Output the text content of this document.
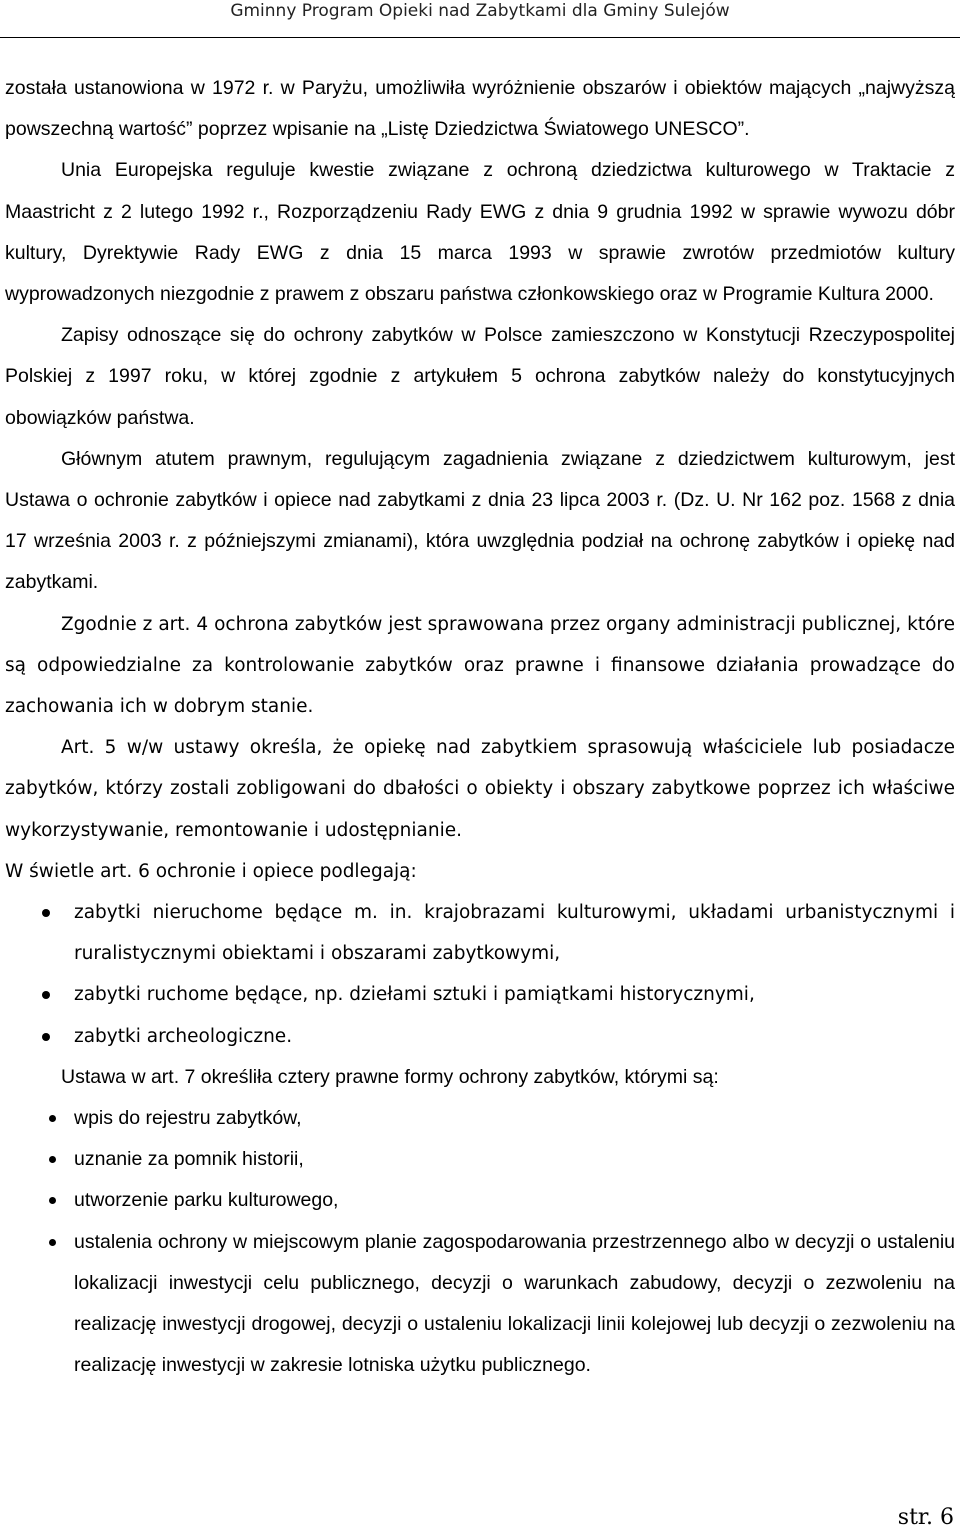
Gminny Program Opieki nad Zabytkami dla Gminy Sulejów

została ustanowiona w 1972 r. w Paryżu, umożliwiła wyróżnienie obszarów i obiektów mających „najwyższą powszechną wartość” poprzez wpisanie na „Listę Dziedzictwa Światowego UNESCO”.

Unia Europejska reguluje kwestie związane z ochroną dziedzictwa kulturowego w Traktacie z Maastricht z 2 lutego 1992 r., Rozporządzeniu Rady EWG z dnia 9 grudnia 1992 w sprawie wywozu dóbr kultury, Dyrektywie Rady EWG z dnia 15 marca 1993 w sprawie zwrotów przedmiotów kultury wyprowadzonych niezgodnie z prawem z obszaru państwa członkowskiego oraz w Programie Kultura 2000.

Zapisy odnoszące się do ochrony zabytków w Polsce zamieszczono w Konstytucji Rzeczypospolitej Polskiej z 1997 roku, w której zgodnie z artykułem 5 ochrona zabytków należy do konstytucyjnych obowiązków państwa.

Głównym atutem prawnym, regulującym zagadnienia związane z dziedzictwem kulturowym, jest Ustawa o ochronie zabytków i opiece nad zabytkami z dnia 23 lipca 2003 r. (Dz. U. Nr 162 poz. 1568 z dnia 17 września 2003 r. z późniejszymi zmianami), która uwzględnia podział na ochronę zabytków i opiekę nad zabytkami.

Zgodnie z art. 4 ochrona zabytków jest sprawowana przez organy administracji publicznej, które są odpowiedzialne za kontrolowanie zabytków oraz prawne i finansowe działania prowadzące do zachowania ich w dobrym stanie.

Art. 5 w/w ustawy określa, że opiekę nad zabytkiem sprasowują właściciele lub posiadacze zabytków, którzy zostali zobligowani do dbałości o obiekty i obszary zabytkowe poprzez ich właściwe wykorzystywanie, remontowanie i udostępnianie.

W świetle art. 6 ochronie i opiece podlegają:

zabytki nieruchome będące m. in. krajobrazami kulturowymi, układami urbanistycznymi i ruralistycznymi obiektami i obszarami zabytkowymi,
zabytki ruchome będące, np. dziełami sztuki i pamiątkami historycznymi,
zabytki archeologiczne.

Ustawa w art. 7 określiła cztery prawne formy ochrony zabytków, którymi są:

wpis do rejestru zabytków,
uznanie za pomnik historii,
utworzenie parku kulturowego,
ustalenia ochrony w miejscowym planie zagospodarowania przestrzennego albo w decyzji o ustaleniu lokalizacji inwestycji celu publicznego, decyzji o warunkach zabudowy, decyzji o zezwoleniu na realizację inwestycji drogowej, decyzji o ustaleniu lokalizacji linii kolejowej lub decyzji o zezwoleniu na realizację inwestycji w zakresie lotniska użytku publicznego.
str. 6
